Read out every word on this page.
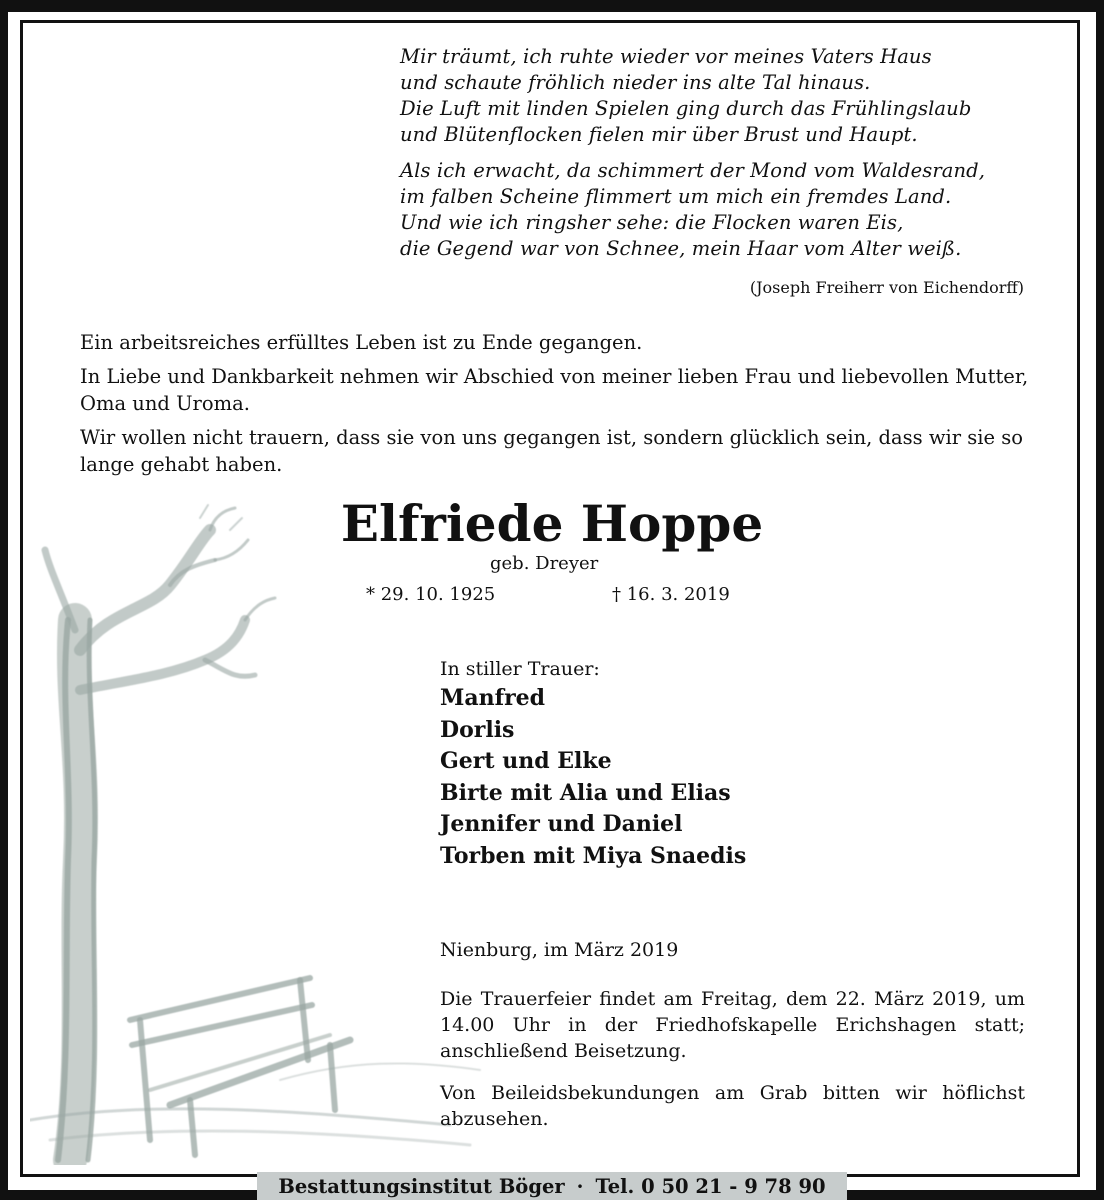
Mir träumt, ich ruhte wieder vor meines Vaters Haus
und schaute fröhlich nieder ins alte Tal hinaus.
Die Luft mit linden Spielen ging durch das Frühlingslaub
und Blütenflocken fielen mir über Brust und Haupt.
Als ich erwacht, da schimmert der Mond vom Waldesrand,
im falben Scheine flimmert um mich ein fremdes Land.
Und wie ich ringsher sehe: die Flocken waren Eis,
die Gegend war von Schnee, mein Haar vom Alter weiß.
(Joseph Freiherr von Eichendorff)

Ein arbeitsreiches erfülltes Leben ist zu Ende gegangen.

In Liebe und Dankbarkeit nehmen wir Abschied von meiner lieben Frau und liebevollen Mutter, Oma und Uroma.

Wir wollen nicht trauern, dass sie von uns gegangen ist, sondern glücklich sein, dass wir sie so lange gehabt haben.

Elfriede Hoppe
geb. Dreyer
* 29. 10. 1925	† 16. 3. 2019
In stiller Trauer:
Manfred
Dorlis
Gert und Elke
Birte mit Alia und Elias
Jennifer und Daniel
Torben mit Miya Snaedis
Nienburg, im März 2019
Die Trauerfeier findet am Freitag, dem 22. März 2019, um 14.00 Uhr in der Friedhofskapelle Erichshagen statt; anschließend Beisetzung.
Von Beileidsbekundungen am Grab bitten wir höflichst abzusehen.
Bestattungsinstitut Böger · Tel. 0 50 21 - 9 78 90
